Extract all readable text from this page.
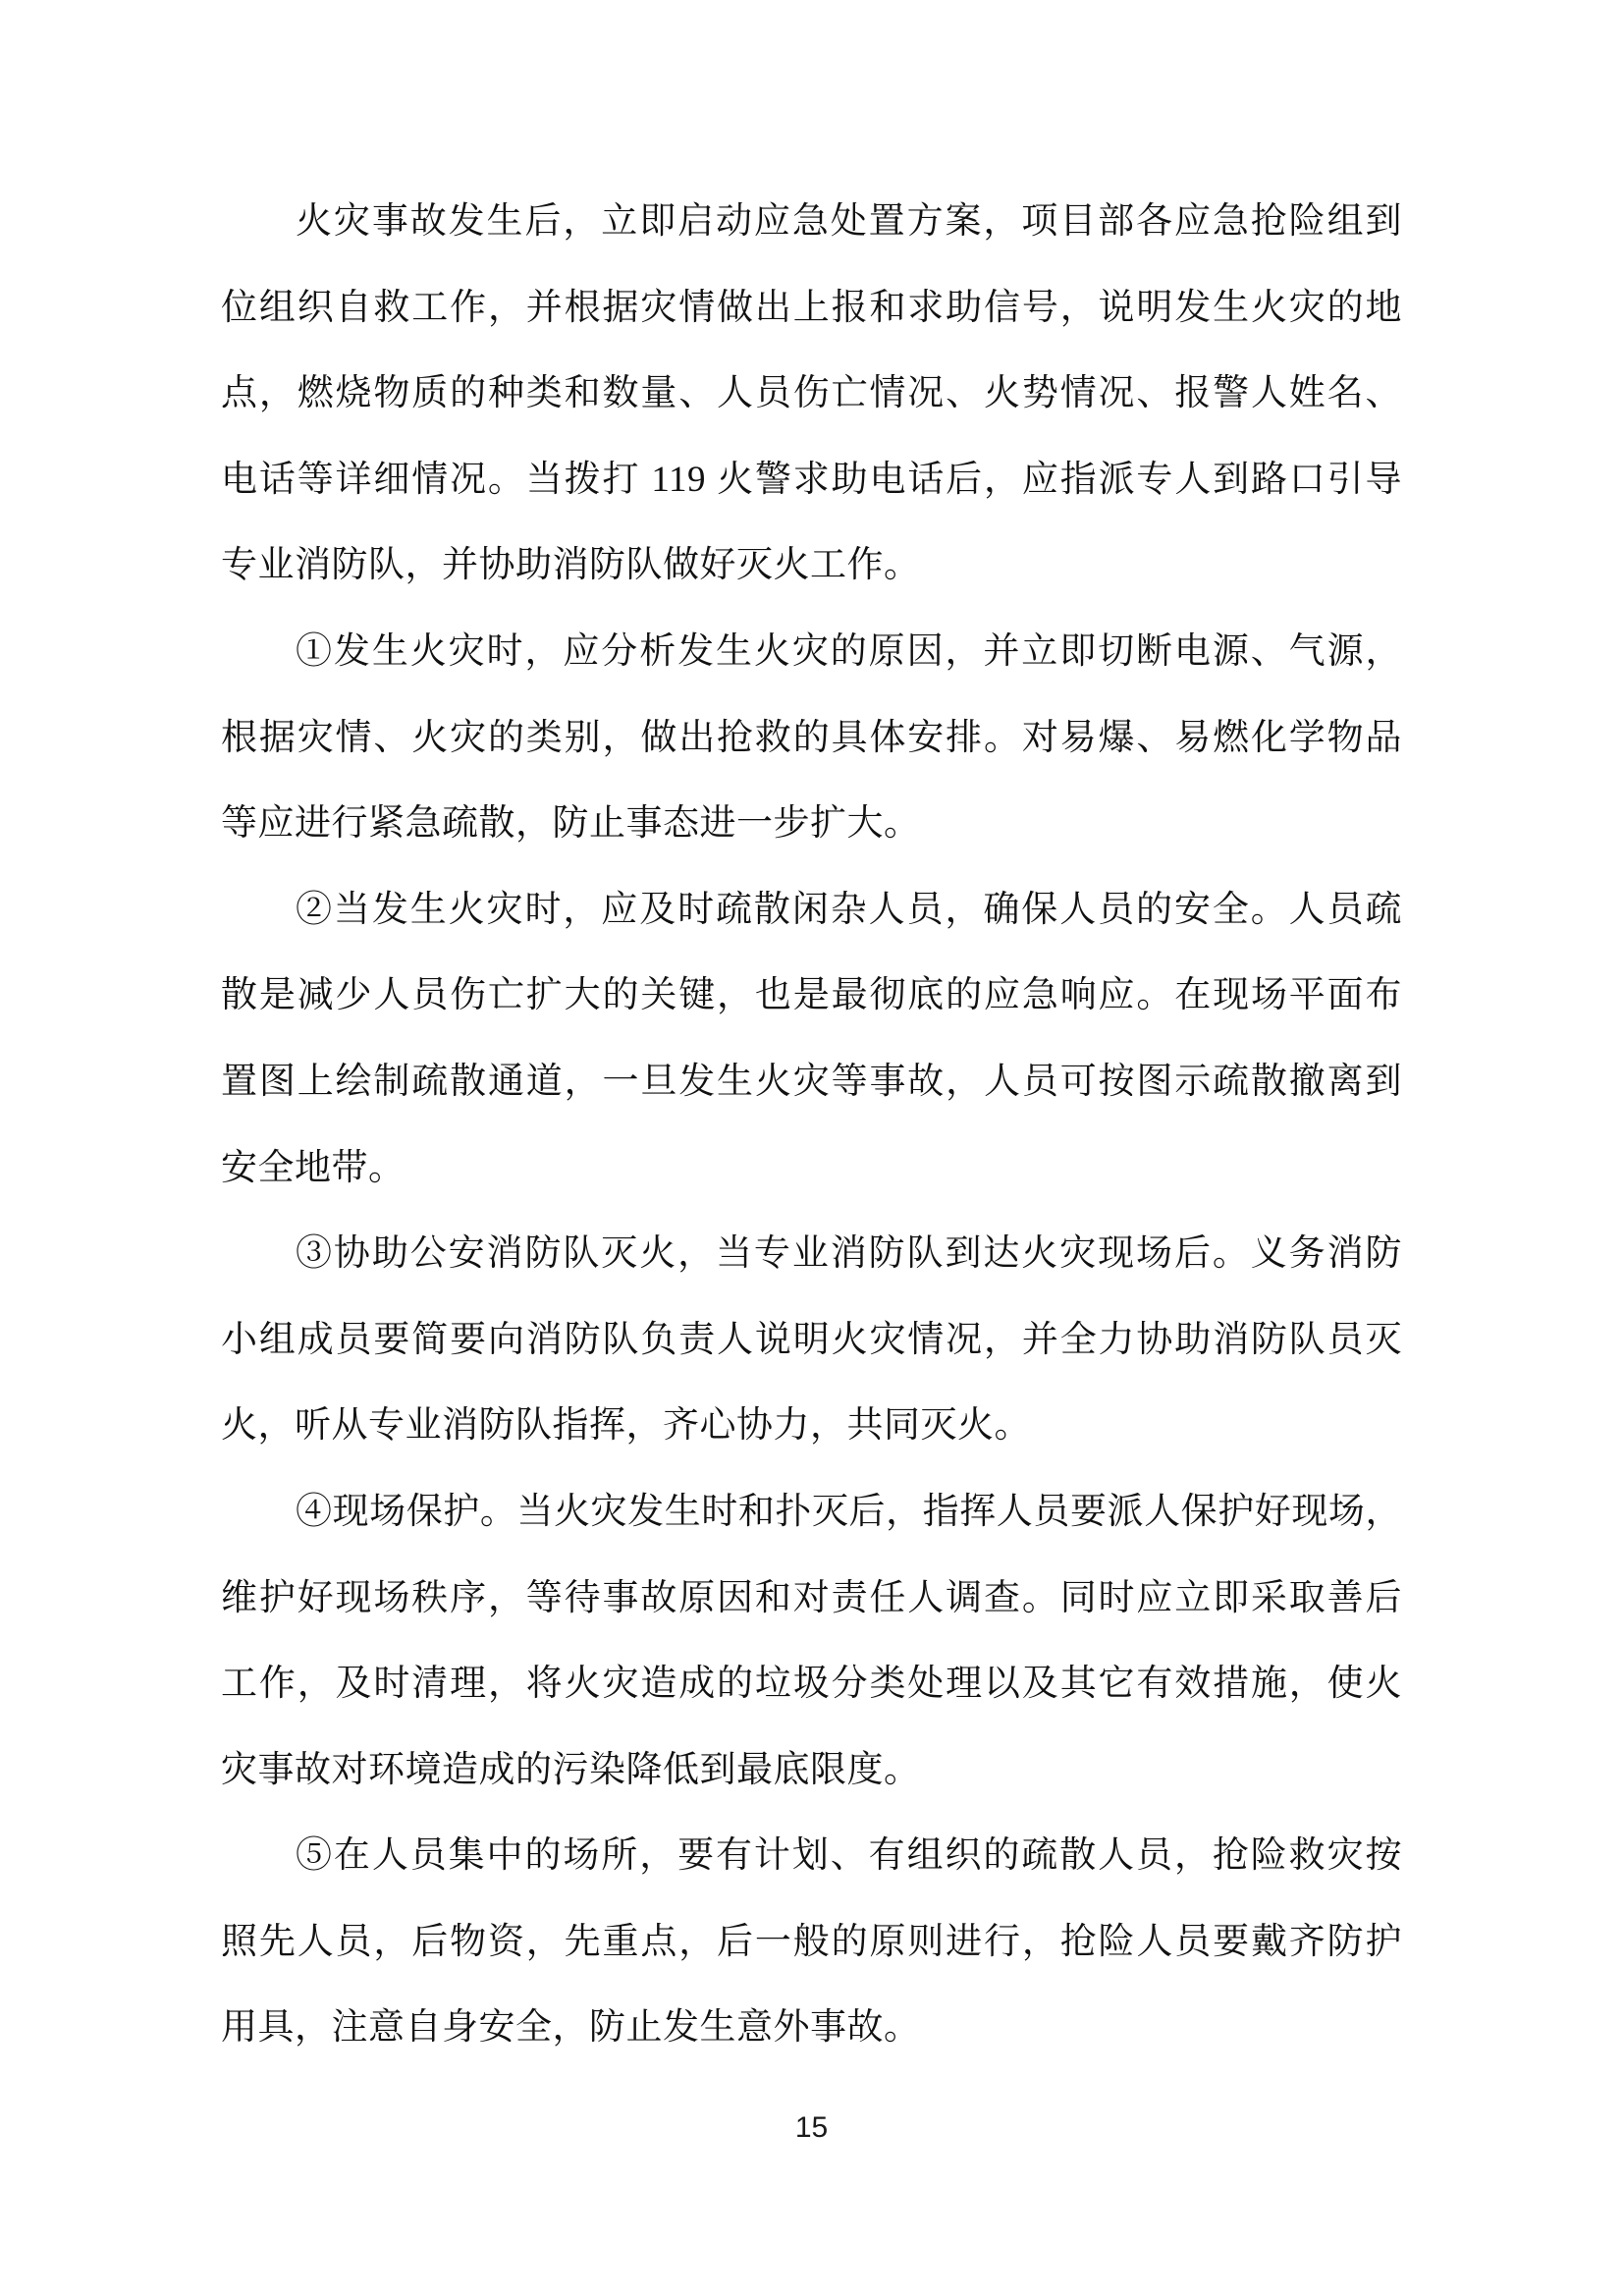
火灾事故发生后，立即启动应急处置方案，项目部各应急抢险组到
位组织自救工作，并根据灾情做出上报和求助信号，说明发生火灾的地
点，燃烧物质的种类和数量、人员伤亡情况、火势情况、报警人姓名、
电话等详细情况。当拨打 119 火警求助电话后，应指派专人到路口引导
专业消防队，并协助消防队做好灭火工作。
①发生火灾时，应分析发生火灾的原因，并立即切断电源、气源，
根据灾情、火灾的类别，做出抢救的具体安排。对易爆、易燃化学物品
等应进行紧急疏散，防止事态进一步扩大。
②当发生火灾时，应及时疏散闲杂人员，确保人员的安全。人员疏
散是减少人员伤亡扩大的关键，也是最彻底的应急响应。在现场平面布
置图上绘制疏散通道，一旦发生火灾等事故，人员可按图示疏散撤离到
安全地带。
③协助公安消防队灭火，当专业消防队到达火灾现场后。义务消防
小组成员要简要向消防队负责人说明火灾情况，并全力协助消防队员灭
火，听从专业消防队指挥，齐心协力，共同灭火。
④现场保护。当火灾发生时和扑灭后，指挥人员要派人保护好现场，
维护好现场秩序，等待事故原因和对责任人调查。同时应立即采取善后
工作，及时清理，将火灾造成的垃圾分类处理以及其它有效措施，使火
灾事故对环境造成的污染降低到最底限度。
⑤在人员集中的场所，要有计划、有组织的疏散人员，抢险救灾按
照先人员，后物资，先重点，后一般的原则进行，抢险人员要戴齐防护
用具，注意自身安全，防止发生意外事故。
15
